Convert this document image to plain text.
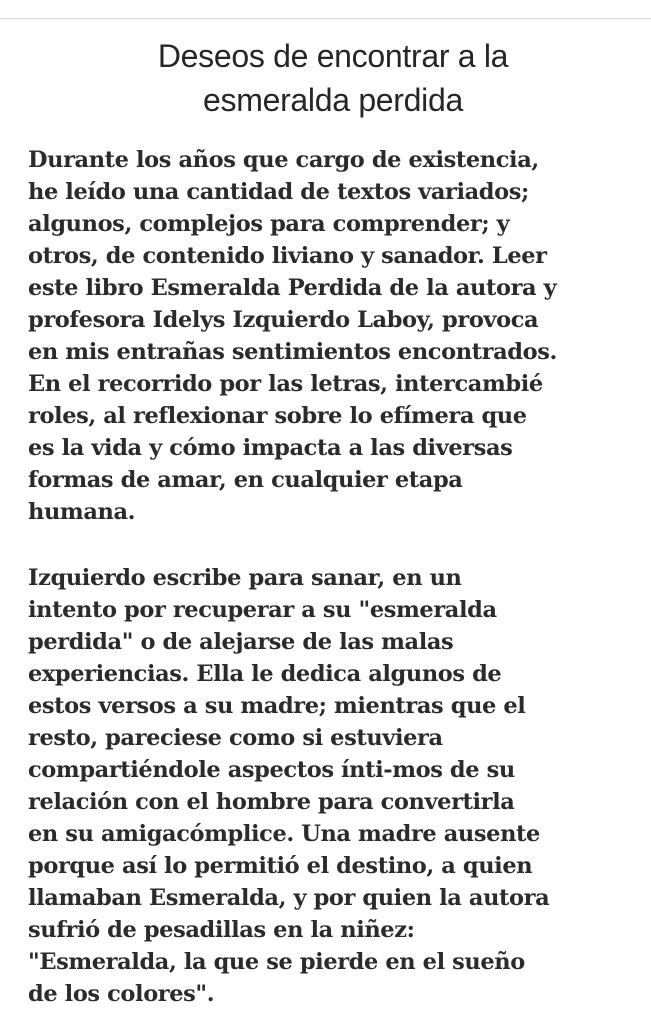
Deseos de encontrar a la
esmeralda perdida

Durante los años que cargo de existencia,
he leído una cantidad de textos variados;
algunos, complejos para comprender; y
otros, de contenido liviano y sanador. Leer
este libro Esmeralda Perdida de la autora y
profesora Idelys Izquierdo Laboy, provoca
en mis entrañas sentimientos encontrados.
En el recorrido por las letras, intercambié
roles, al reflexionar sobre lo efímera que
es la vida y cómo impacta a las diversas
formas de amar, en cualquier etapa
humana.

Izquierdo escribe para sanar, en un
intento por recuperar a su "esmeralda
perdida" o de alejarse de las malas
experiencias. Ella le dedica algunos de
estos versos a su madre; mientras que el
resto, pareciese como si estuviera
compartiéndole aspectos ínti-mos de su
relación con el hombre para convertirla
en su amigacómplice. Una madre ausente
porque así lo permitió el destino, a quien
llamaban Esmeralda, y por quien la autora
sufrió de pesadillas en la niñez:
"Esmeralda, la que se pierde en el sueño
de los colores".
